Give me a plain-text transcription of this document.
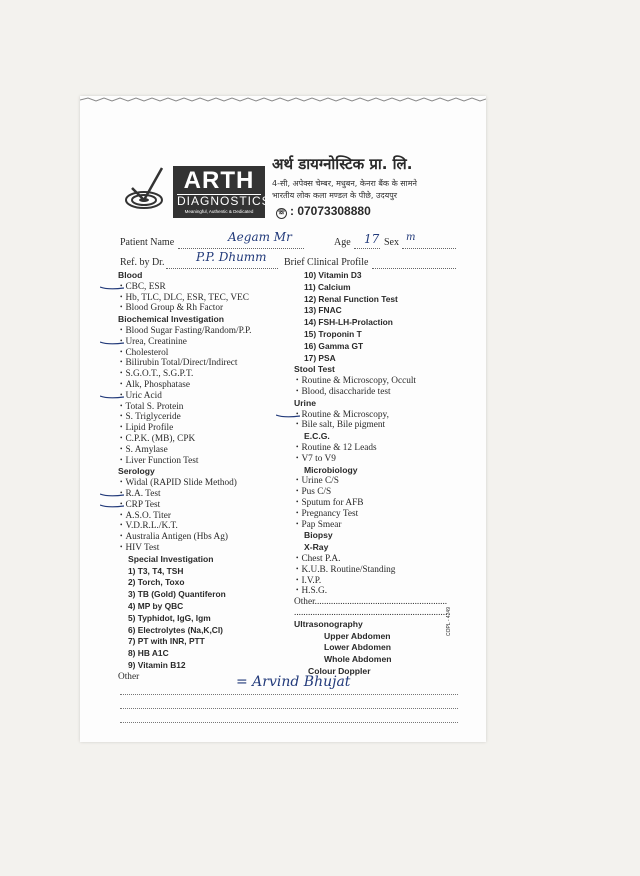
ARTH
DIAGNOSTICS
Meaningful, Authentic & Dedicated
अर्थ डायग्नोस्टिक प्रा. लि.
4-सी, अपेक्स चेम्बर, मधुबन, केनरा बैंक के सामने
भारतीय लोक कला मण्डल के पीछे, उदयपुर
☏ : 07073308880
Patient Name	Aegam Mr	Age 17 Sex m
Ref. by Dr.	P.P. Dhumm Brief Clinical Profile
Blood
• CBC, ESR
• Hb, TLC, DLC, ESR, TEC, VEC
• Blood Group & Rh Factor
Biochemical Investigation
• Blood Sugar Fasting/Random/P.P.
• Urea, Creatinine
• Cholesterol
• Bilirubin Total/Direct/Indirect
• S.G.O.T., S.G.P.T.
• Alk, Phosphatase
• Uric Acid
• Total S. Protein
• S. Triglyceride
• Lipid Profile
• C.P.K. (MB), CPK
• S. Amylase
• Liver Function Test
Serology
• Widal (RAPID Slide Method)
• R.A. Test
• CRP Test
• A.S.O. Titer
• V.D.R.L./K.T.
• Australia Antigen (Hbs Ag)
• HIV Test
Special Investigation
1) T3, T4, TSH
2) Torch, Toxo
3) TB (Gold) Quantiferon
4) MP by QBC
5) Typhidot, IgG, Igm
6) Electrolytes (Na,K,Cl)
7) PT with INR, PTT
8) HB A1C
9) Vitamin B12
Other
10) Vitamin D3
11) Calcium
12) Renal Function Test
13) FNAC
14) FSH-LH-Prolaction
15) Troponin T
16) Gamma GT
17) PSA
Stool Test
• Routine & Microscopy, Occult
• Blood, disaccharide test
Urine
• Routine & Microscopy,
• Bile salt, Bile pigment
E.C.G.
• Routine & 12 Leads
• V7 to V9
Microbiology
• Urine C/S
• Pus C/S
• Sputum for AFB
• Pregnancy Test
• Pap Smear
Biopsy
X-Ray
• Chest P.A.
• K.U.B. Routine/Standing
• I.V.P.
• H.S.G.
Other.........................................................
..................................................................
Ultrasonography
Upper Abdomen
Lower Abdomen
Whole Abdomen
Colour Doppler
= Arvind Bhujat
COPL - 4249
